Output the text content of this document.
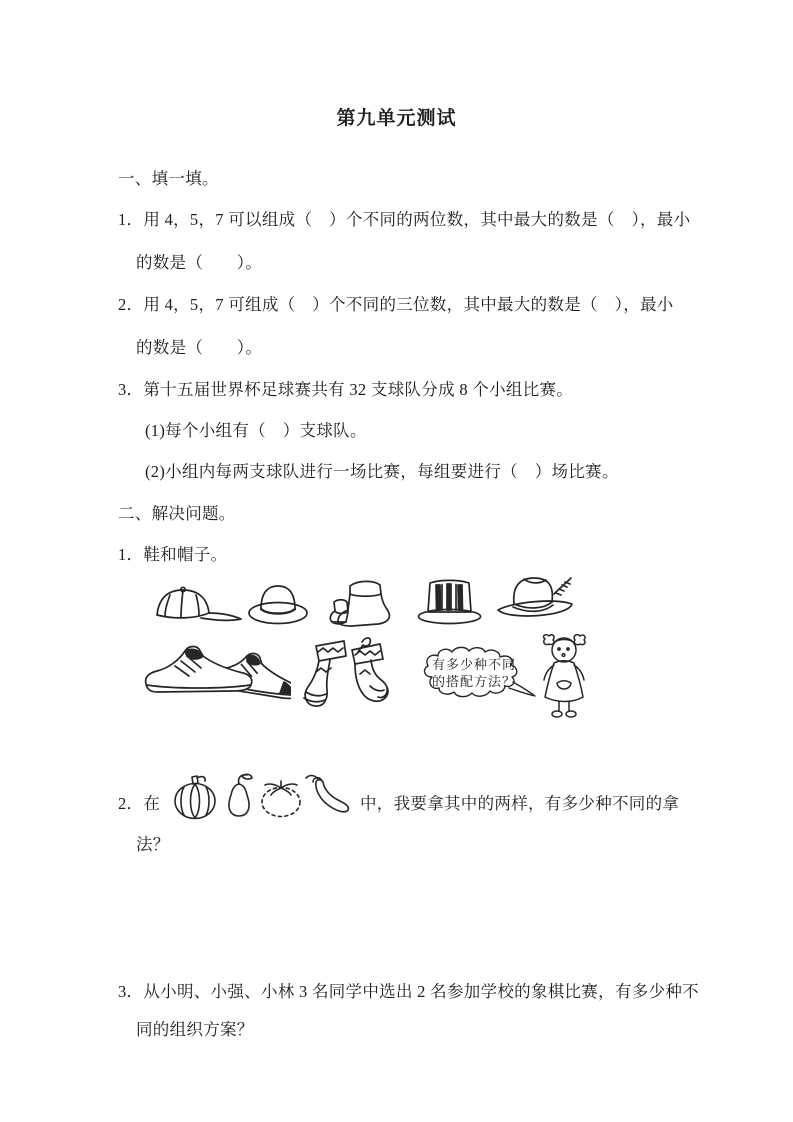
第九单元测试
一、填一填。
1．用 4，5，7 可以组成（　）个不同的两位数，其中最大的数是（　），最小
的数是（　　）。
2．用 4，5，7 可组成（　）个不同的三位数，其中最大的数是（　），最小
的数是（　　）。
3．第十五届世界杯足球赛共有 32 支球队分成 8 个小组比赛。
(1)每个小组有（　）支球队。
(2)小组内每两支球队进行一场比赛，每组要进行（　）场比赛。
二、解决问题。
1．鞋和帽子。
有多少种不同
的搭配方法？
2．在	中，我要拿其中的两样，有多少种不同的拿
法？
3．从小明、小强、小林 3 名同学中选出 2 名参加学校的象棋比赛，有多少种不
同的组织方案？
